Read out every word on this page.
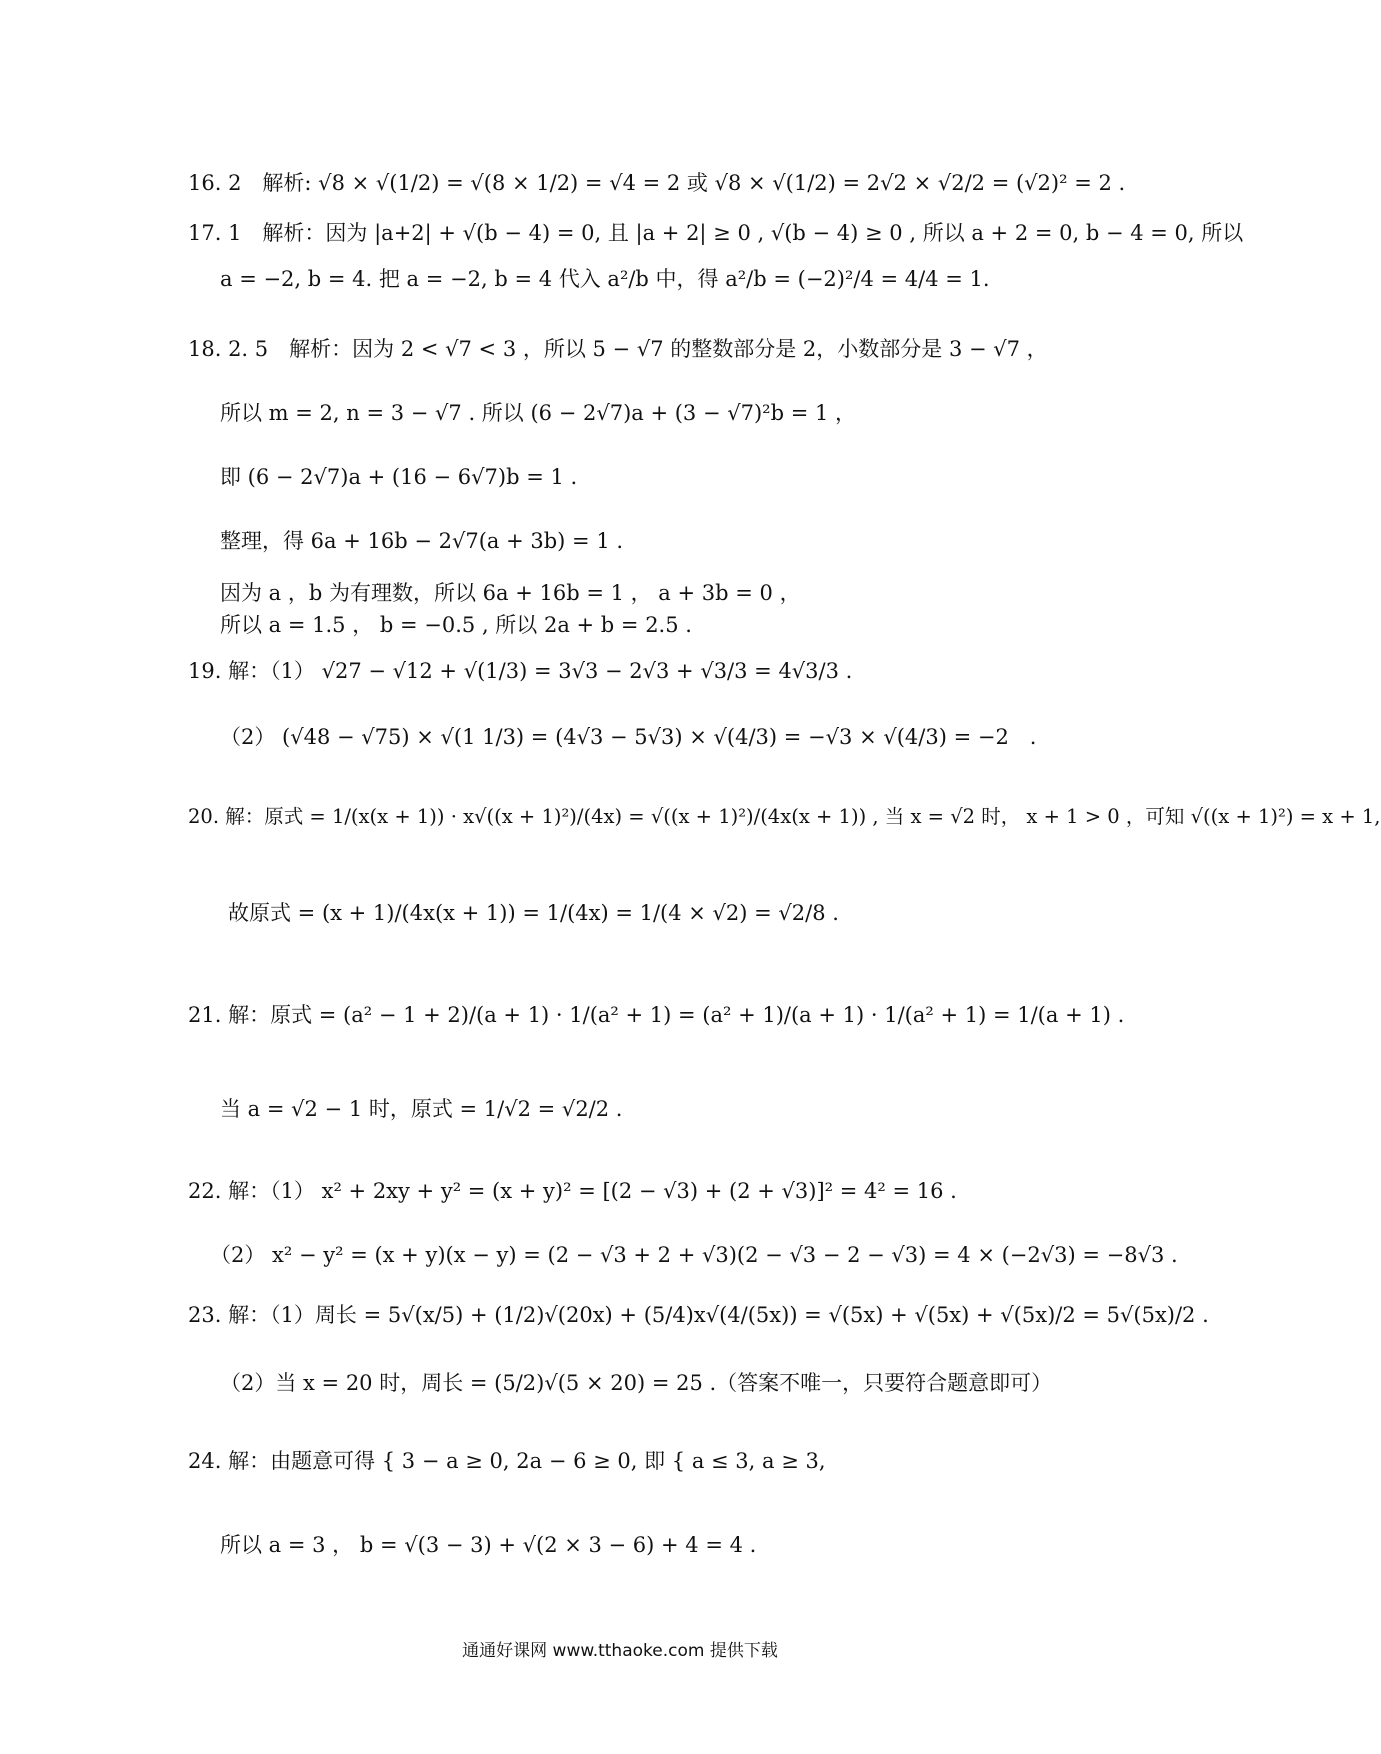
16. 2　解析: √8 × √(1/2) = √(8 × 1/2) = √4 = 2 或 √8 × √(1/2) = 2√2 × √2/2 = (√2)² = 2 .
17. 1　解析：因为 |a+2| + √(b − 4) = 0, 且 |a + 2| ≥ 0 , √(b − 4) ≥ 0 , 所以 a + 2 = 0, b − 4 = 0, 所以
a = −2, b = 4. 把 a = −2, b = 4 代入 a²/b 中，得 a²/b = (−2)²/4 = 4/4 = 1.
18. 2. 5　解析：因为 2 < √7 < 3 ，所以 5 − √7 的整数部分是 2，小数部分是 3 − √7 ，
所以 m = 2, n = 3 − √7 . 所以 (6 − 2√7)a + (3 − √7)²b = 1 ，
即 (6 − 2√7)a + (16 − 6√7)b = 1 .
整理，得 6a + 16b − 2√7(a + 3b) = 1 .
因为 a ，b 为有理数，所以 6a + 16b = 1 ， a + 3b = 0 ，
所以 a = 1.5 ， b = −0.5 , 所以 2a + b = 2.5 .
19. 解：（1） √27 − √12 + √(1/3) = 3√3 − 2√3 + √3/3 = 4√3/3 .
（2） (√48 − √75) × √(1 1/3) = (4√3 − 5√3) × √(4/3) = −√3 × √(4/3) = −2　.
20. 解：原式 = 1/(x(x + 1)) · x√((x + 1)²)/(4x) = √((x + 1)²)/(4x(x + 1)) , 当 x = √2 时， x + 1 > 0 ，可知 √((x + 1)²) = x + 1,
故原式 = (x + 1)/(4x(x + 1)) = 1/(4x) = 1/(4 × √2) = √2/8 .
21. 解：原式 = (a² − 1 + 2)/(a + 1) · 1/(a² + 1) = (a² + 1)/(a + 1) · 1/(a² + 1) = 1/(a + 1) .
当 a = √2 − 1 时，原式 = 1/√2 = √2/2 .
22. 解：（1） x² + 2xy + y² = (x + y)² = [(2 − √3) + (2 + √3)]² = 4² = 16 .
（2） x² − y² = (x + y)(x − y) = (2 − √3 + 2 + √3)(2 − √3 − 2 − √3) = 4 × (−2√3) = −8√3 .
23. 解：（1）周长 = 5√(x/5) + (1/2)√(20x) + (5/4)x√(4/(5x)) = √(5x) + √(5x) + √(5x)/2 = 5√(5x)/2 .
（2）当 x = 20 时，周长 = (5/2)√(5 × 20) = 25 .（答案不唯一，只要符合题意即可）
24. 解：由题意可得 { 3 − a ≥ 0, 2a − 6 ≥ 0, 即 { a ≤ 3, a ≥ 3,
所以 a = 3 ， b = √(3 − 3) + √(2 × 3 − 6) + 4 = 4 .
通通好课网 www.tthaoke.com 提供下载
